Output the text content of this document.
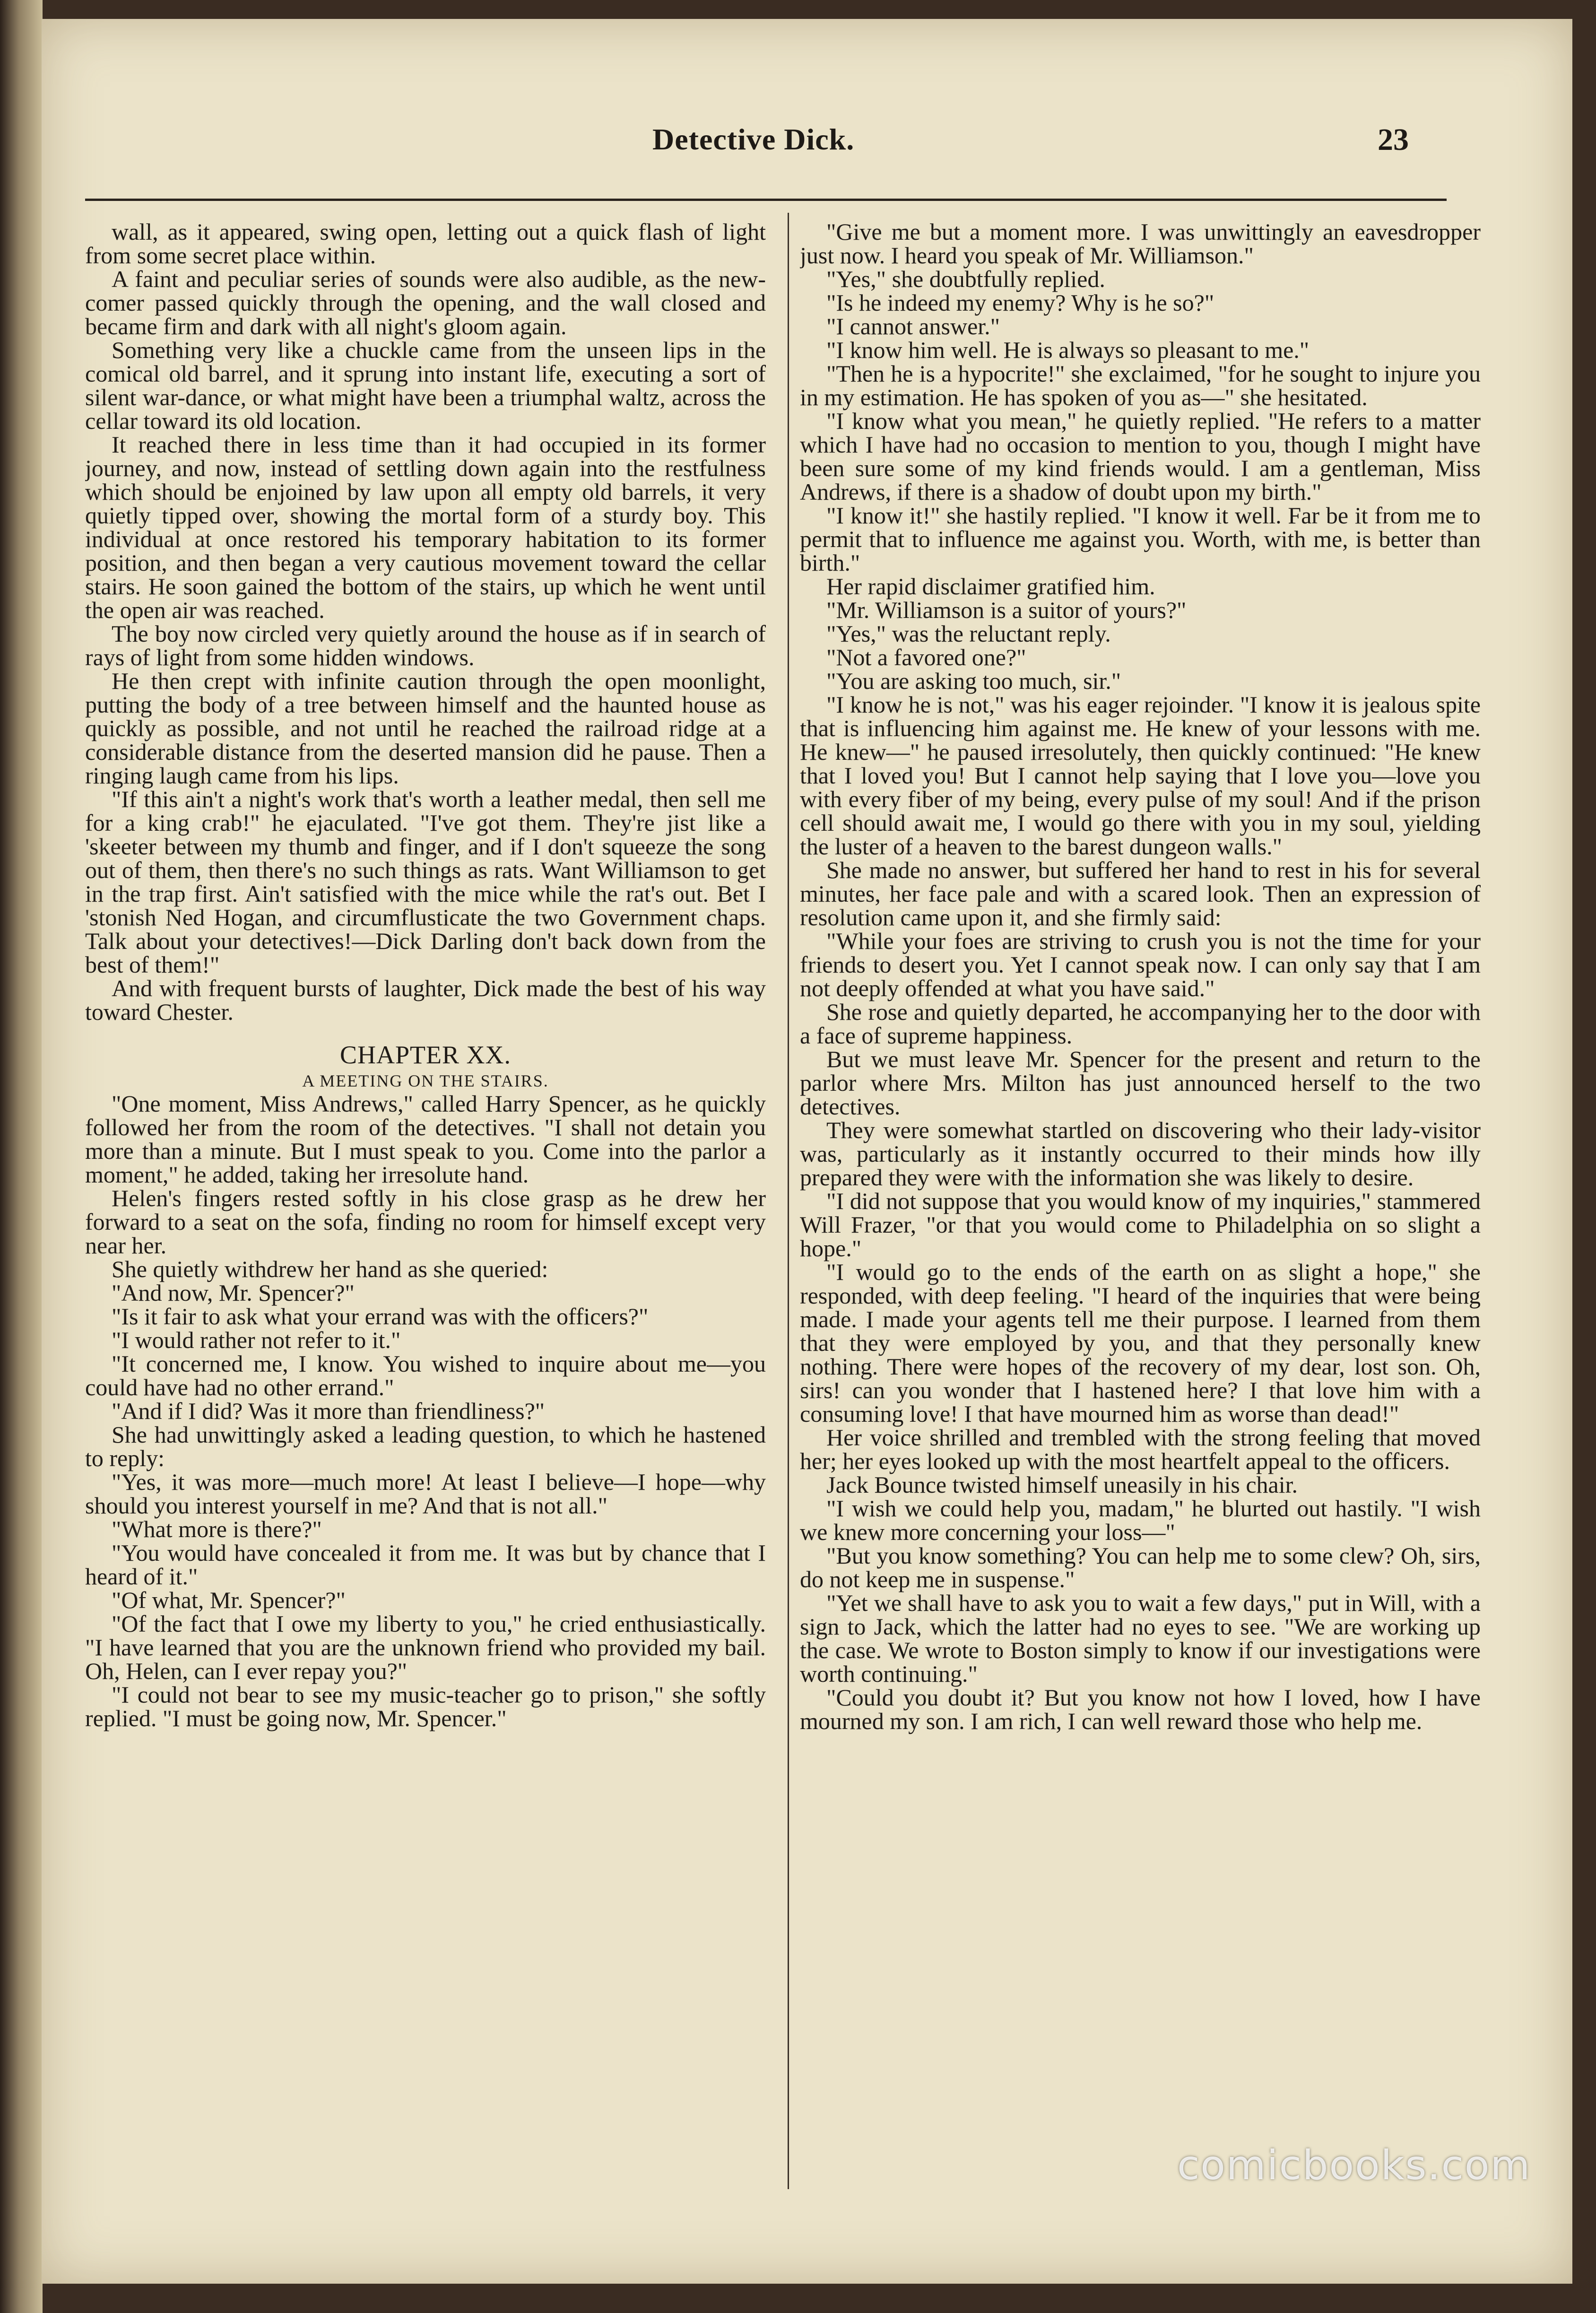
Detective Dick.	23

wall, as it appeared, swing open, letting out a quick flash of light from some secret place within.

A faint and peculiar series of sounds were also audible, as the new-comer passed quickly through the opening, and the wall closed and became firm and dark with all night's gloom again.

Something very like a chuckle came from the unseen lips in the comical old barrel, and it sprung into instant life, executing a sort of silent war-dance, or what might have been a triumphal waltz, across the cellar toward its old location.

It reached there in less time than it had occupied in its former journey, and now, instead of settling down again into the restfulness which should be enjoined by law upon all empty old barrels, it very quietly tipped over, showing the mortal form of a sturdy boy. This individual at once restored his temporary habitation to its former position, and then began a very cautious movement toward the cellar stairs. He soon gained the bottom of the stairs, up which he went until the open air was reached.

The boy now circled very quietly around the house as if in search of rays of light from some hidden windows.

He then crept with infinite caution through the open moonlight, putting the body of a tree between himself and the haunted house as quickly as possible, and not until he reached the railroad ridge at a considerable distance from the deserted mansion did he pause. Then a ringing laugh came from his lips.

"If this ain't a night's work that's worth a leather medal, then sell me for a king crab!" he ejaculated. "I've got them. They're jist like a 'skeeter between my thumb and finger, and if I don't squeeze the song out of them, then there's no such things as rats. Want Williamson to get in the trap first. Ain't satisfied with the mice while the rat's out. Bet I 'stonish Ned Hogan, and circumflusticate the two Government chaps. Talk about your detectives!—Dick Darling don't back down from the best of them!"

And with frequent bursts of laughter, Dick made the best of his way toward Chester.

CHAPTER XX.
A MEETING ON THE STAIRS.

"One moment, Miss Andrews," called Harry Spencer, as he quickly followed her from the room of the detectives. "I shall not detain you more than a minute. But I must speak to you. Come into the parlor a moment," he added, taking her irresolute hand.

Helen's fingers rested softly in his close grasp as he drew her forward to a seat on the sofa, finding no room for himself except very near her.

She quietly withdrew her hand as she queried:

"And now, Mr. Spencer?"

"Is it fair to ask what your errand was with the officers?"

"I would rather not refer to it."

"It concerned me, I know. You wished to inquire about me—you could have had no other errand."

"And if I did? Was it more than friendliness?"

She had unwittingly asked a leading question, to which he hastened to reply:

"Yes, it was more—much more! At least I believe—I hope—why should you interest yourself in me? And that is not all."

"What more is there?"

"You would have concealed it from me. It was but by chance that I heard of it."

"Of what, Mr. Spencer?"

"Of the fact that I owe my liberty to you," he cried enthusiastically. "I have learned that you are the unknown friend who provided my bail. Oh, Helen, can I ever repay you?"

"I could not bear to see my music-teacher go to prison," she softly replied. "I must be going now, Mr. Spencer."

"Give me but a moment more. I was unwittingly an eavesdropper just now. I heard you speak of Mr. Williamson."

"Yes," she doubtfully replied.

"Is he indeed my enemy? Why is he so?"

"I cannot answer."

"I know him well. He is always so pleasant to me."

"Then he is a hypocrite!" she exclaimed, "for he sought to injure you in my estimation. He has spoken of you as—" she hesitated.

"I know what you mean," he quietly replied. "He refers to a matter which I have had no occasion to mention to you, though I might have been sure some of my kind friends would. I am a gentleman, Miss Andrews, if there is a shadow of doubt upon my birth."

"I know it!" she hastily replied. "I know it well. Far be it from me to permit that to influence me against you. Worth, with me, is better than birth."

Her rapid disclaimer gratified him.

"Mr. Williamson is a suitor of yours?"

"Yes," was the reluctant reply.

"Not a favored one?"

"You are asking too much, sir."

"I know he is not," was his eager rejoinder. "I know it is jealous spite that is influencing him against me. He knew of your lessons with me. He knew—" he paused irresolutely, then quickly continued: "He knew that I loved you! But I cannot help saying that I love you—love you with every fiber of my being, every pulse of my soul! And if the prison cell should await me, I would go there with you in my soul, yielding the luster of a heaven to the barest dungeon walls."

She made no answer, but suffered her hand to rest in his for several minutes, her face pale and with a scared look. Then an expression of resolution came upon it, and she firmly said:

"While your foes are striving to crush you is not the time for your friends to desert you. Yet I cannot speak now. I can only say that I am not deeply offended at what you have said."

She rose and quietly departed, he accompanying her to the door with a face of supreme happiness.

But we must leave Mr. Spencer for the present and return to the parlor where Mrs. Milton has just announced herself to the two detectives.

They were somewhat startled on discovering who their lady-visitor was, particularly as it instantly occurred to their minds how illy prepared they were with the information she was likely to desire.

"I did not suppose that you would know of my inquiries," stammered Will Frazer, "or that you would come to Philadelphia on so slight a hope."

"I would go to the ends of the earth on as slight a hope," she responded, with deep feeling. "I heard of the inquiries that were being made. I made your agents tell me their purpose. I learned from them that they were employed by you, and that they personally knew nothing. There were hopes of the recovery of my dear, lost son. Oh, sirs! can you wonder that I hastened here? I that love him with a consuming love! I that have mourned him as worse than dead!"

Her voice shrilled and trembled with the strong feeling that moved her; her eyes looked up with the most heartfelt appeal to the officers.

Jack Bounce twisted himself uneasily in his chair.

"I wish we could help you, madam," he blurted out hastily. "I wish we knew more concerning your loss—"

"But you know something? You can help me to some clew? Oh, sirs, do not keep me in suspense."

"Yet we shall have to ask you to wait a few days," put in Will, with a sign to Jack, which the latter had no eyes to see. "We are working up the case. We wrote to Boston simply to know if our investigations were worth continuing."

"Could you doubt it? But you know not how I loved, how I have mourned my son. I am rich, I can well reward those who help me.

comicbooks.com
